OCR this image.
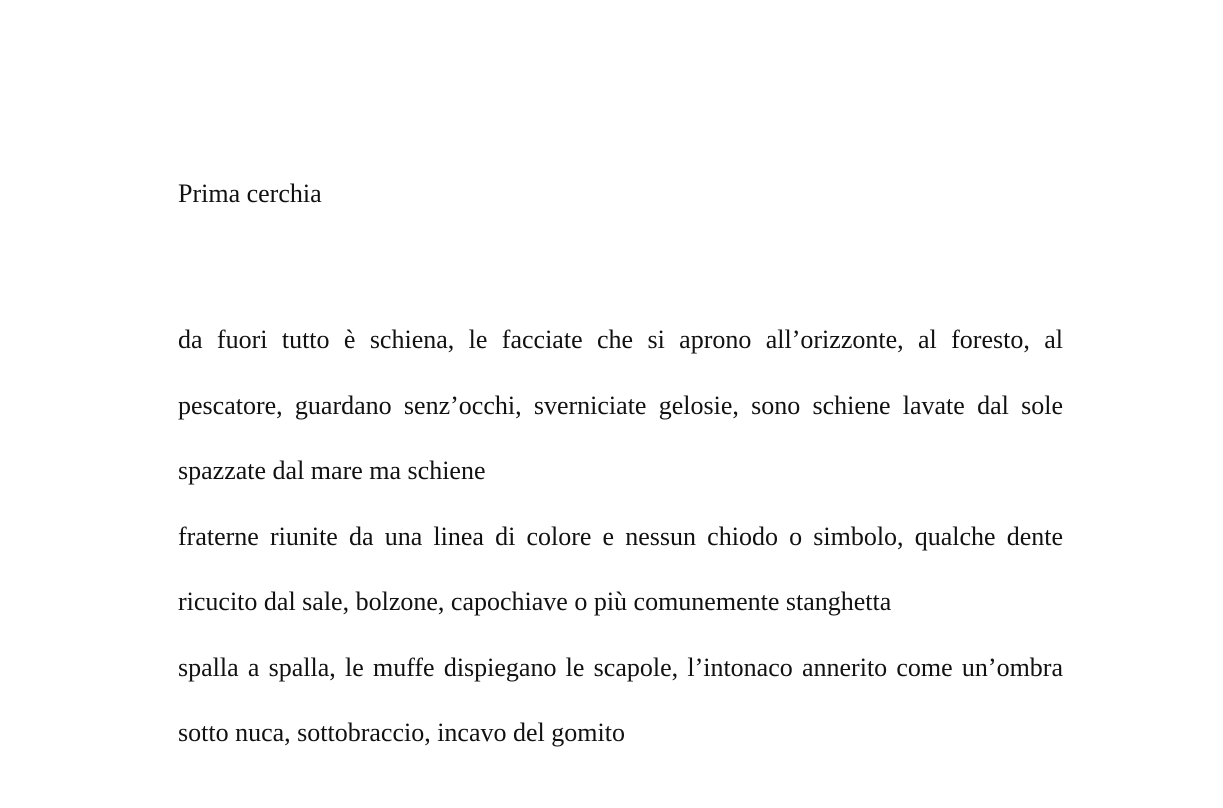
Prima cerchia

da fuori tutto è schiena, le facciate che si aprono all’orizzonte, al foresto, al pescatore, guardano senz’occhi, sverniciate gelosie, sono schiene lavate dal sole spazzate dal mare ma schiene

fraterne riunite da una linea di colore e nessun chiodo o simbolo, qualche dente ricucito dal sale, bolzone, capochiave o più comunemente stanghetta

spalla a spalla, le muffe dispiegano le scapole, l’intonaco annerito come un’ombra sotto nuca, sottobraccio, incavo del gomito
